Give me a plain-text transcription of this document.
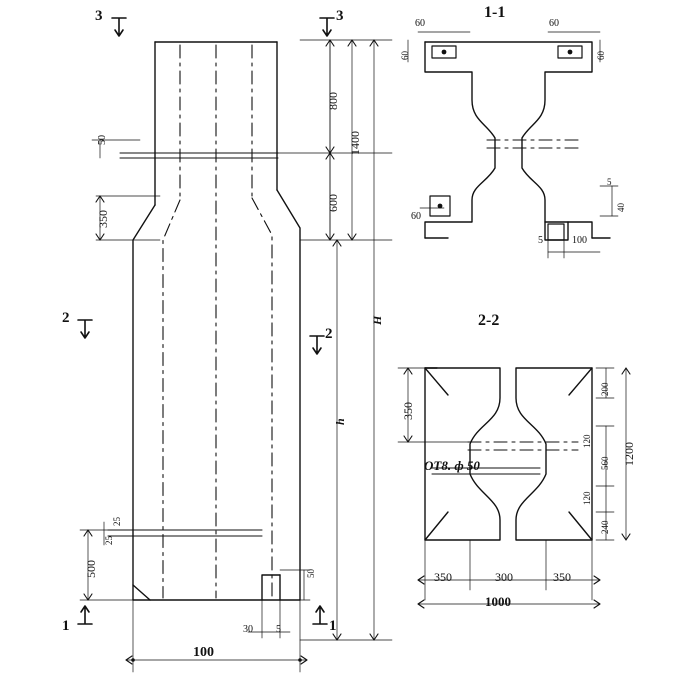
3	3
2
2
1	1
800
1400
600
350
50
H
h
500
25
25
30 5
50
100
1-1
60	60
60	60
60
5
40
5	100
2-2
350
200
120
560
120
240
1200
OT8. ф 50
350	300	350
1000
